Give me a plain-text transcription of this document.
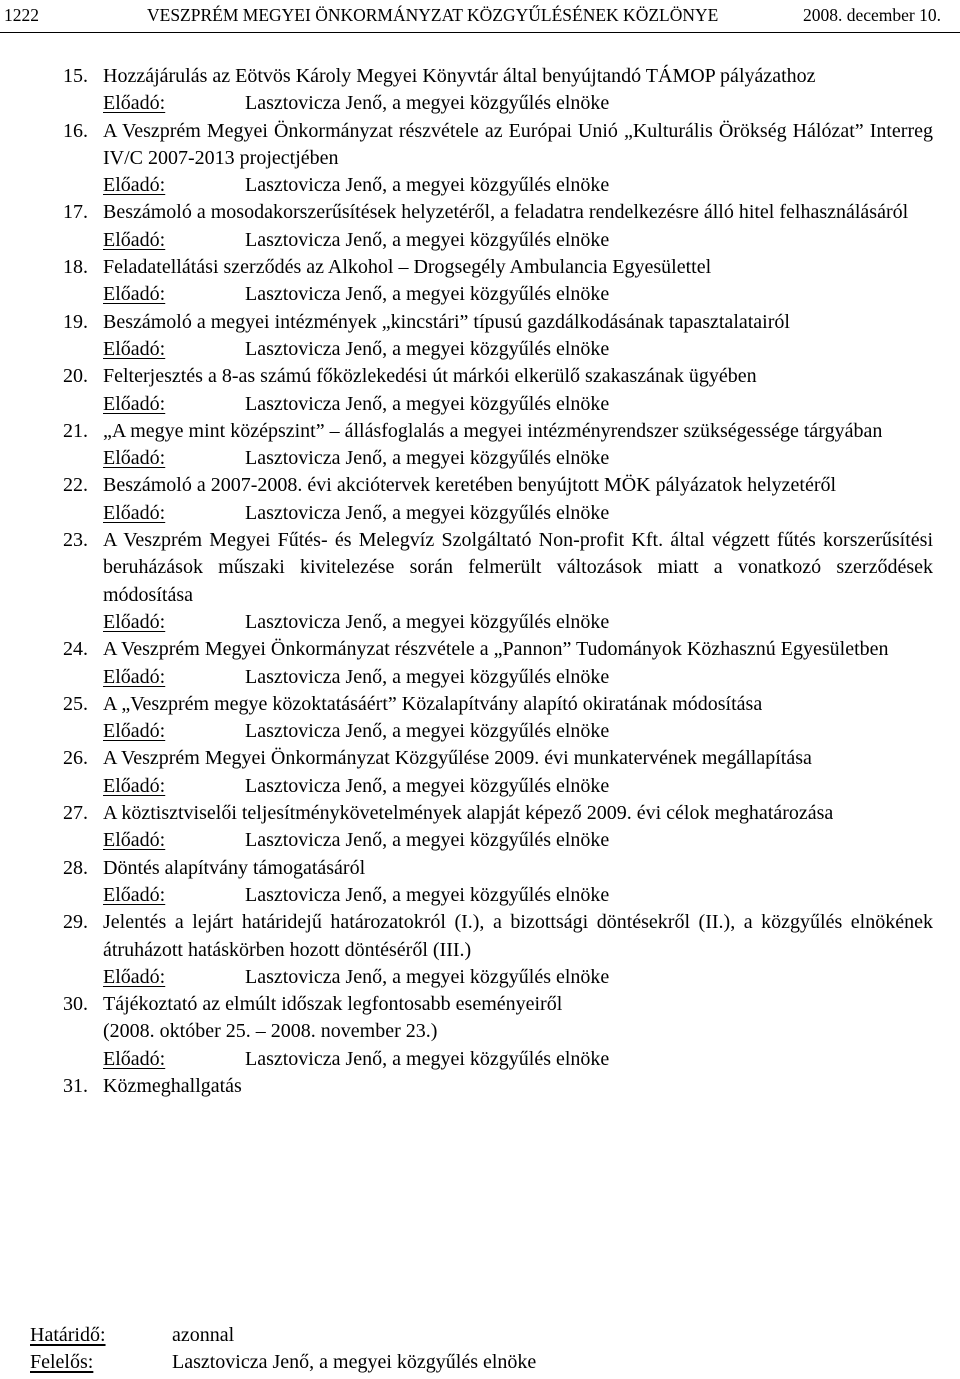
1222	VESZPRÉM MEGYEI ÖNKORMÁNYZAT KÖZGYŰLÉSÉNEK KÖZLÖNYE	2008. december 10.
15. Hozzájárulás az Eötvös Károly Megyei Könyvtár által benyújtandó TÁMOP pályázathoz
Előadó:	Lasztovicza Jenő, a megyei közgyűlés elnöke
16. A Veszprém Megyei Önkormányzat részvétele az Európai Unió „Kulturális Örökség Hálózat” Interreg IV/C 2007-2013 projectjében
Előadó:	Lasztovicza Jenő, a megyei közgyűlés elnöke
17. Beszámoló a mosodakorszerűsítések helyzetéről, a feladatra rendelkezésre álló hitel felhasználásáról
Előadó:	Lasztovicza Jenő, a megyei közgyűlés elnöke
18. Feladatellátási szerződés az Alkohol – Drogsegély Ambulancia Egyesülettel
Előadó:	Lasztovicza Jenő, a megyei közgyűlés elnöke
19. Beszámoló a megyei intézmények „kincstári” típusú gazdálkodásának tapasztalatairól
Előadó:	Lasztovicza Jenő, a megyei közgyűlés elnöke
20. Felterjesztés a 8-as számú főközlekedési út márkói elkerülő szakaszának ügyében
Előadó:	Lasztovicza Jenő, a megyei közgyűlés elnöke
21. „A megye mint középszint” – állásfoglalás a megyei intézményrendszer szükségessége tárgyában
Előadó:	Lasztovicza Jenő, a megyei közgyűlés elnöke
22. Beszámoló a 2007-2008. évi akciótervek keretében benyújtott MÖK pályázatok helyzetéről
Előadó:	Lasztovicza Jenő, a megyei közgyűlés elnöke
23. A Veszprém Megyei Fűtés- és Melegvíz Szolgáltató Non-profit Kft. által végzett fűtés korszerűsítési beruházások műszaki kivitelezése során felmerült változások miatt a vonatkozó szerződések módosítása
Előadó:	Lasztovicza Jenő, a megyei közgyűlés elnöke
24. A Veszprém Megyei Önkormányzat részvétele a „Pannon” Tudományok Közhasznú Egyesületben
Előadó:	Lasztovicza Jenő, a megyei közgyűlés elnöke
25. A „Veszprém megye közoktatásáért” Közalapítvány alapító okiratának módosítása
Előadó:	Lasztovicza Jenő, a megyei közgyűlés elnöke
26. A Veszprém Megyei Önkormányzat Közgyűlése 2009. évi munkatervének megállapítása
Előadó:	Lasztovicza Jenő, a megyei közgyűlés elnöke
27. A köztisztviselői teljesítménykövetelmények alapját képező 2009. évi célok meghatározása
Előadó:	Lasztovicza Jenő, a megyei közgyűlés elnöke
28. Döntés alapítvány támogatásáról
Előadó:	Lasztovicza Jenő, a megyei közgyűlés elnöke
29. Jelentés a lejárt határidejű határozatokról (I.), a bizottsági döntésekről (II.), a közgyűlés elnökének átruházott hatáskörben hozott döntéséről (III.)
Előadó:	Lasztovicza Jenő, a megyei közgyűlés elnöke
30. Tájékoztató az elmúlt időszak legfontosabb eseményeiről
(2008. október 25. – 2008. november 23.)
Előadó:	Lasztovicza Jenő, a megyei közgyűlés elnöke
31. Közmeghallgatás
Határidő:	azonnal
Felelős:	Lasztovicza Jenő, a megyei közgyűlés elnöke
